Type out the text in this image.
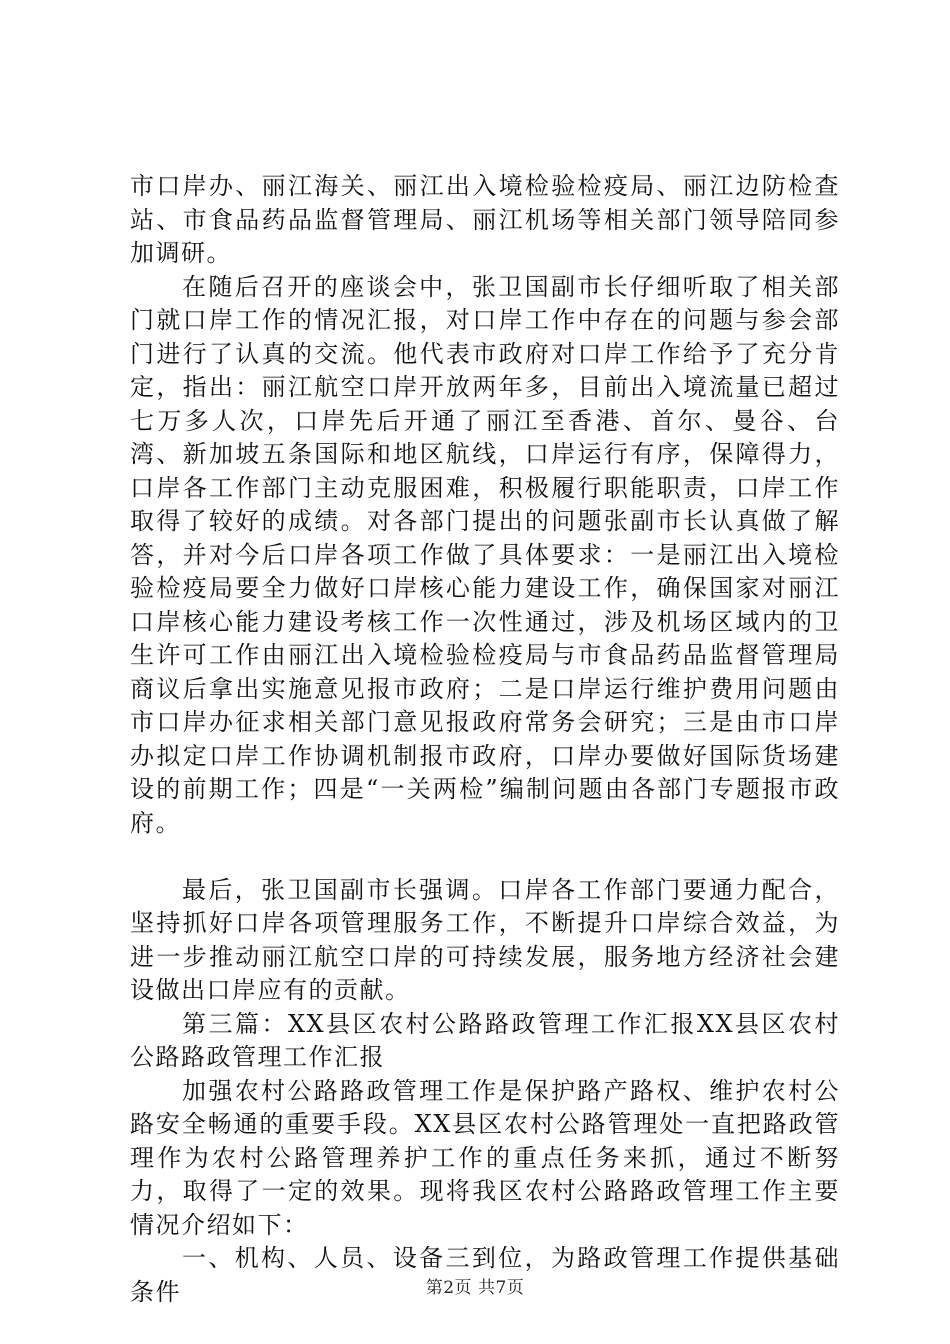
市口岸办、丽江海关、丽江出入境检验检疫局、丽江边防检查站、市食品药品监督管理局、丽江机场等相关部门领导陪同参加调研。

在随后召开的座谈会中，张卫国副市长仔细听取了相关部门就口岸工作的情况汇报，对口岸工作中存在的问题与参会部门进行了认真的交流。他代表市政府对口岸工作给予了充分肯定，指出：丽江航空口岸开放两年多，目前出入境流量已超过七万多人次，口岸先后开通了丽江至香港、首尔、曼谷、台湾、新加坡五条国际和地区航线，口岸运行有序，保障得力，口岸各工作部门主动克服困难，积极履行职能职责，口岸工作取得了较好的成绩。对各部门提出的问题张副市长认真做了解答，并对今后口岸各项工作做了具体要求：一是丽江出入境检验检疫局要全力做好口岸核心能力建设工作，确保国家对丽江口岸核心能力建设考核工作一次性通过，涉及机场区域内的卫生许可工作由丽江出入境检验检疫局与市食品药品监督管理局商议后拿出实施意见报市政府；二是口岸运行维护费用问题由市口岸办征求相关部门意见报政府常务会研究；三是由市口岸办拟定口岸工作协调机制报市政府，口岸办要做好国际货场建设的前期工作；四是“一关两检”编制问题由各部门专题报市政府。

最后，张卫国副市长强调。口岸各工作部门要通力配合，坚持抓好口岸各项管理服务工作，不断提升口岸综合效益，为进一步推动丽江航空口岸的可持续发展，服务地方经济社会建设做出口岸应有的贡献。

第三篇：XX县区农村公路路政管理工作汇报XX县区农村公路路政管理工作汇报

加强农村公路路政管理工作是保护路产路权、维护农村公路安全畅通的重要手段。XX县区农村公路管理处一直把路政管理作为农村公路管理养护工作的重点任务来抓，通过不断努力，取得了一定的效果。现将我区农村公路路政管理工作主要情况介绍如下：

一、机构、人员、设备三到位，为路政管理工作提供基础条件	第2页 共7页
